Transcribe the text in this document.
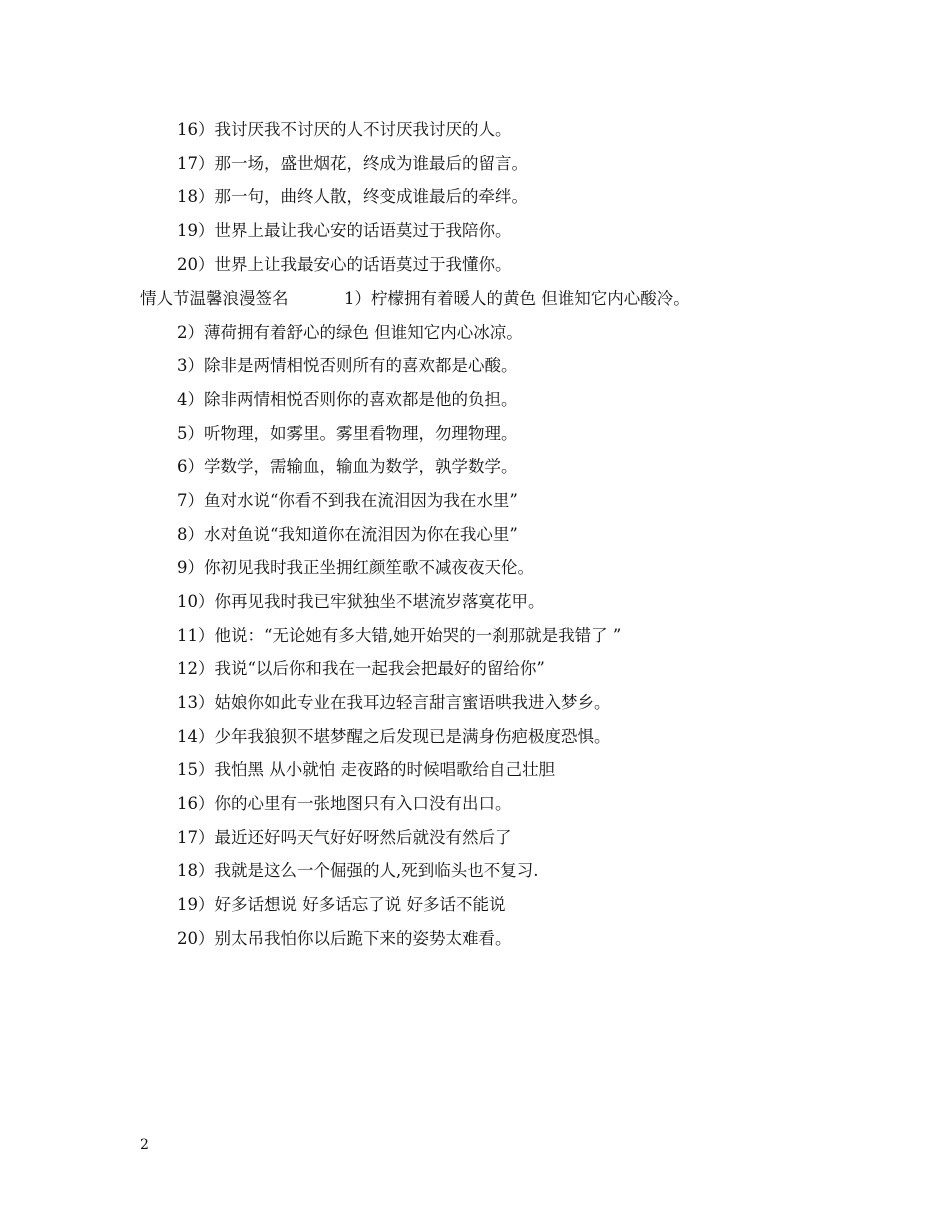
16）我讨厌我不讨厌的人不讨厌我讨厌的人。
17）那一场，盛世烟花，终成为谁最后的留言。
18）那一句，曲终人散，终变成谁最后的牵绊。
19）世界上最让我心安的话语莫过于我陪你。
20）世界上让我最安心的话语莫过于我懂你。
情人节温馨浪漫签名	1）柠檬拥有着暖人的黄色 但谁知它内心酸冷。
2）薄荷拥有着舒心的绿色 但谁知它内心冰凉。
3）除非是两情相悦否则所有的喜欢都是心酸。
4）除非两情相悦否则你的喜欢都是他的负担。
5）听物理，如雾里。雾里看物理，勿理物理。
6）学数学，需输血，输血为数学，孰学数学。
7）鱼对水说“你看不到我在流泪因为我在水里”
8）水对鱼说“我知道你在流泪因为你在我心里”
9）你初见我时我正坐拥红颜笙歌不减夜夜天伦。
10）你再见我时我已牢狱独坐不堪流岁落寞花甲。
11）他说：“无论她有多大错,她开始哭的一刹那就是我错了 ”
12）我说“以后你和我在一起我会把最好的留给你”
13）姑娘你如此专业在我耳边轻言甜言蜜语哄我进入梦乡。
14）少年我狼狈不堪梦醒之后发现已是满身伤疤极度恐惧。
15）我怕黑 从小就怕 走夜路的时候唱歌给自己壮胆
16）你的心里有一张地图只有入口没有出口。
17）最近还好吗天气好好呀然后就没有然后了
18）我就是这么一个倔强的人,死到临头也不复习.
19）好多话想说 好多话忘了说 好多话不能说
20）别太吊我怕你以后跪下来的姿势太难看。
2
